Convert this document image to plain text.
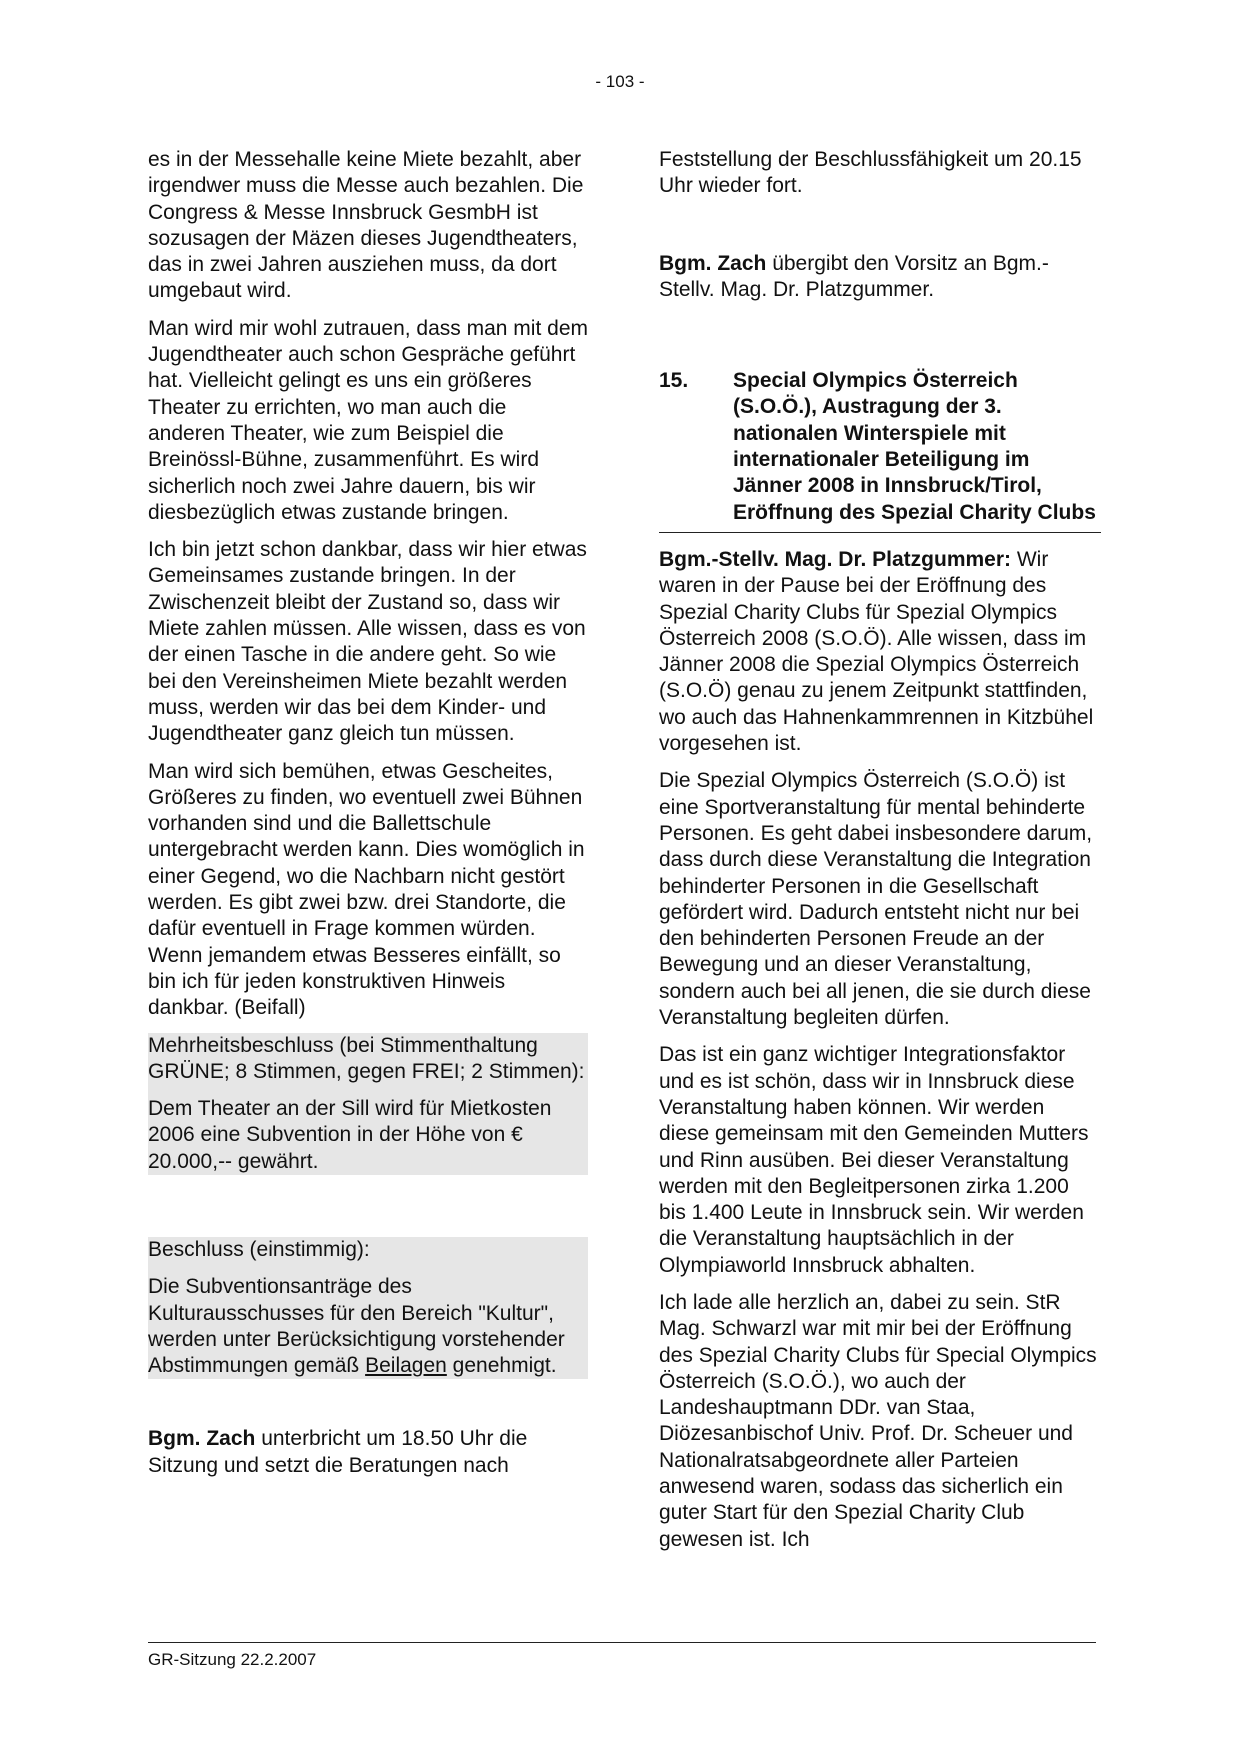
- 103 -

es in der Messehalle keine Miete bezahlt, aber irgendwer muss die Messe auch bezahlen. Die Congress & Messe Innsbruck GesmbH ist sozusagen der Mäzen dieses Jugendtheaters, das in zwei Jahren ausziehen muss, da dort umgebaut wird.

Man wird mir wohl zutrauen, dass man mit dem Jugendtheater auch schon Gespräche geführt hat. Vielleicht gelingt es uns ein größeres Theater zu errichten, wo man auch die anderen Theater, wie zum Beispiel die Breinössl-Bühne, zusammenführt. Es wird sicherlich noch zwei Jahre dauern, bis wir diesbezüglich etwas zustande bringen.

Ich bin jetzt schon dankbar, dass wir hier etwas Gemeinsames zustande bringen. In der Zwischenzeit bleibt der Zustand so, dass wir Miete zahlen müssen. Alle wissen, dass es von der einen Tasche in die andere geht. So wie bei den Vereinsheimen Miete bezahlt werden muss, werden wir das bei dem Kinder- und Jugendtheater ganz gleich tun müssen.

Man wird sich bemühen, etwas Gescheites, Größeres zu finden, wo eventuell zwei Bühnen vorhanden sind und die Ballettschule untergebracht werden kann. Dies womöglich in einer Gegend, wo die Nachbarn nicht gestört werden. Es gibt zwei bzw. drei Standorte, die dafür eventuell in Frage kommen würden. Wenn jemandem etwas Besseres einfällt, so bin ich für jeden konstruktiven Hinweis dankbar. (Beifall)

Mehrheitsbeschluss (bei Stimmenthaltung GRÜNE; 8 Stimmen, gegen FREI; 2 Stimmen):

Dem Theater an der Sill wird für Mietkosten 2006 eine Subvention in der Höhe von € 20.000,-- gewährt.

Beschluss (einstimmig):

Die Subventionsanträge des Kulturausschusses für den Bereich "Kultur", werden unter Berücksichtigung vorstehender Abstimmungen gemäß Beilagen genehmigt.

Bgm. Zach unterbricht um 18.50 Uhr die Sitzung und setzt die Beratungen nach

Feststellung der Beschlussfähigkeit um 20.15 Uhr wieder fort.

Bgm. Zach übergibt den Vorsitz an Bgm.-Stellv. Mag. Dr. Platzgummer.

15.	Special Olympics Österreich (S.O.Ö.), Austragung der 3. nationalen Winterspiele mit internationaler Beteiligung im Jänner 2008 in Innsbruck/Tirol, Eröffnung des Spezial Charity Clubs

Bgm.-Stellv. Mag. Dr. Platzgummer: Wir waren in der Pause bei der Eröffnung des Spezial Charity Clubs für Spezial Olympics Österreich 2008 (S.O.Ö). Alle wissen, dass im Jänner 2008 die Spezial Olympics Österreich (S.O.Ö) genau zu jenem Zeitpunkt stattfinden, wo auch das Hahnenkammrennen in Kitzbühel vorgesehen ist.

Die Spezial Olympics Österreich (S.O.Ö) ist eine Sportveranstaltung für mental behinderte Personen. Es geht dabei insbesondere darum, dass durch diese Veranstaltung die Integration behinderter Personen in die Gesellschaft gefördert wird. Dadurch entsteht nicht nur bei den behinderten Personen Freude an der Bewegung und an dieser Veranstaltung, sondern auch bei all jenen, die sie durch diese Veranstaltung begleiten dürfen.

Das ist ein ganz wichtiger Integrationsfaktor und es ist schön, dass wir in Innsbruck diese Veranstaltung haben können. Wir werden diese gemeinsam mit den Gemeinden Mutters und Rinn ausüben. Bei dieser Veranstaltung werden mit den Begleitpersonen zirka 1.200 bis 1.400 Leute in Innsbruck sein. Wir werden die Veranstaltung hauptsächlich in der Olympiaworld Innsbruck abhalten.

Ich lade alle herzlich an, dabei zu sein. StR Mag. Schwarzl war mit mir bei der Eröffnung des Spezial Charity Clubs für Special Olympics Österreich (S.O.Ö.), wo auch der Landeshauptmann DDr. van Staa, Diözesanbischof Univ. Prof. Dr. Scheuer und Nationalratsabgeordnete aller Parteien anwesend waren, sodass das sicherlich ein guter Start für den Spezial Charity Club gewesen ist. Ich

GR-Sitzung 22.2.2007
